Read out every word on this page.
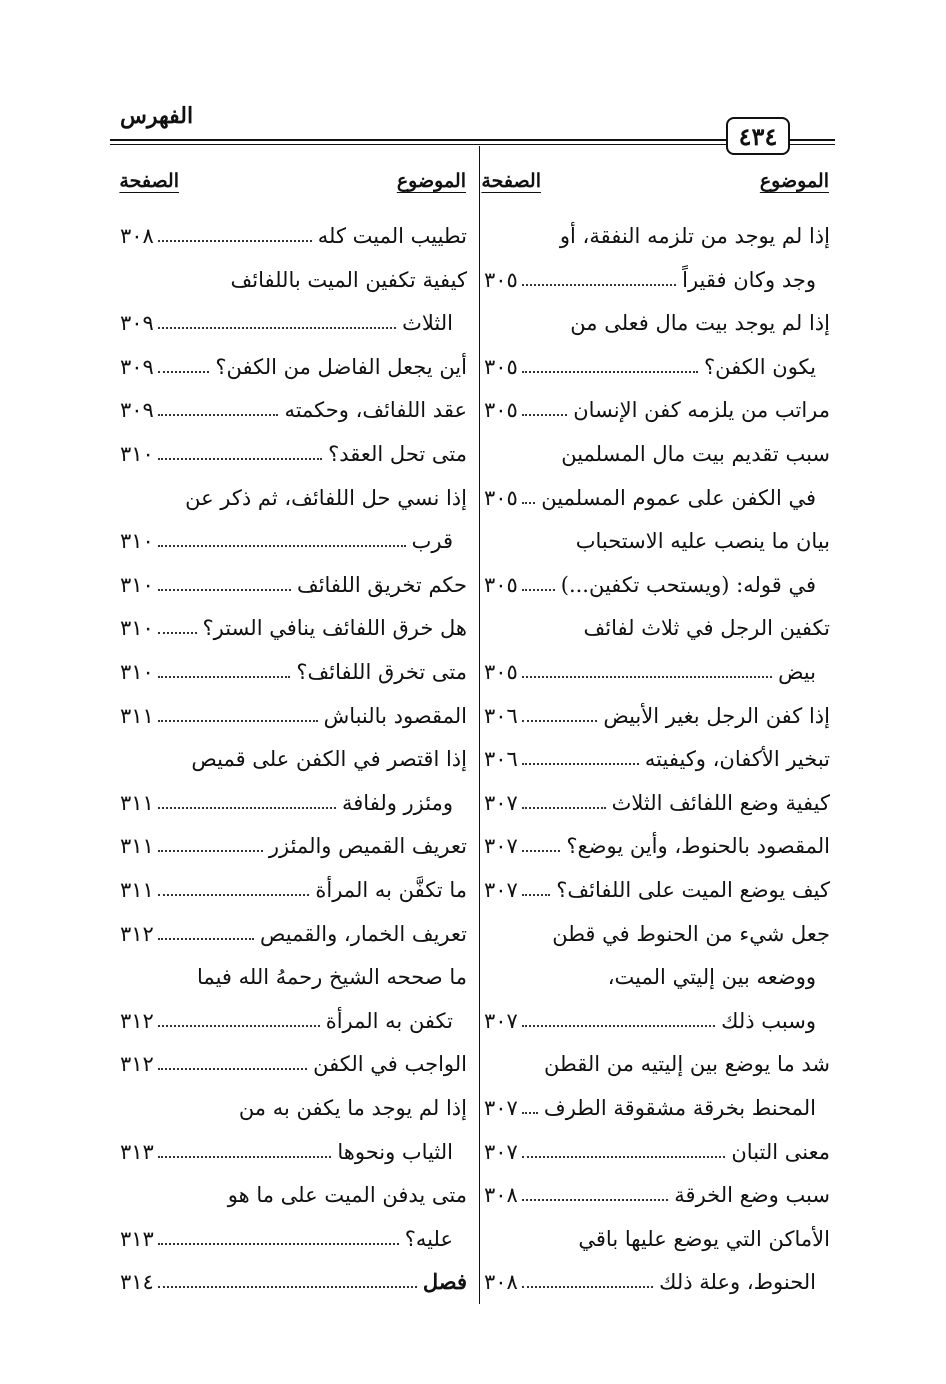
الفهرس
٤٣٤
الموضوع
الصفحة
الموضوع
الصفحة
إذا لم يوجد من تلزمه النفقة، أو
وجد وكان فقيراً
٣٠٥
إذا لم يوجد بيت مال فعلى من
يكون الكفن؟
٣٠٥
مراتب من يلزمه كفن الإنسان
٣٠٥
سبب تقديم بيت مال المسلمين
في الكفن على عموم المسلمين
٣٠٥
بيان ما ينصب عليه الاستحباب
في قوله: (ويستحب تكفين...)
٣٠٥
تكفين الرجل في ثلاث لفائف
بيض
٣٠٥
إذا كفن الرجل بغير الأبيض
٣٠٦
تبخير الأكفان، وكيفيته
٣٠٦
كيفية وضع اللفائف الثلاث
٣٠٧
المقصود بالحنوط، وأين يوضع؟
٣٠٧
كيف يوضع الميت على اللفائف؟
٣٠٧
جعل شيء من الحنوط في قطن
ووضعه بين إليتي الميت،
وسبب ذلك
٣٠٧
شد ما يوضع بين إليتيه من القطن
المحنط بخرقة مشقوقة الطرف
٣٠٧
معنى التبان
٣٠٧
سبب وضع الخرقة
٣٠٨
الأماكن التي يوضع عليها باقي
الحنوط، وعلة ذلك
٣٠٨
تطييب الميت كله
٣٠٨
كيفية تكفين الميت باللفائف
الثلاث
٣٠٩
أين يجعل الفاضل من الكفن؟
٣٠٩
عقد اللفائف، وحكمته
٣٠٩
متى تحل العقد؟
٣١٠
إذا نسي حل اللفائف، ثم ذكر عن
قرب
٣١٠
حكم تخريق اللفائف
٣١٠
هل خرق اللفائف ينافي الستر؟
٣١٠
متى تخرق اللفائف؟
٣١٠
المقصود بالنباش
٣١١
إذا اقتصر في الكفن على قميص
ومئزر ولفافة
٣١١
تعريف القميص والمئزر
٣١١
ما تكفَّن به المرأة
٣١١
تعريف الخمار، والقميص
٣١٢
ما صححه الشيخ رحمهُ الله فيما
تكفن به المرأة
٣١٢
الواجب في الكفن
٣١٢
إذا لم يوجد ما يكفن به من
الثياب ونحوها
٣١٣
متى يدفن الميت على ما هو
عليه؟
٣١٣
فصل
٣١٤
